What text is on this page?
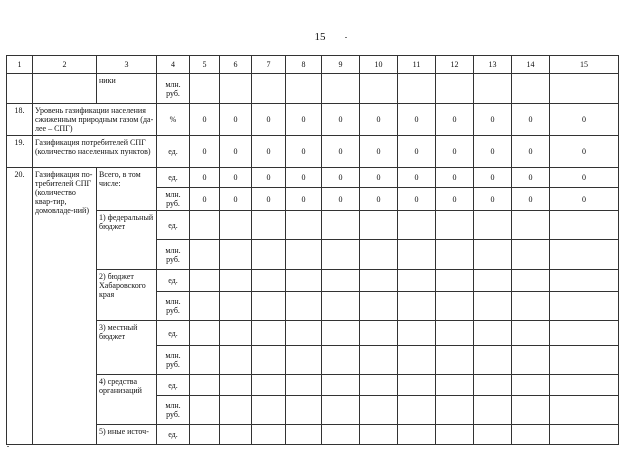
15
1	2	3	4	5	6	7	8	9	10	11	12	13	14	15
		ники	млн. руб.											
18.	Уровень газификации населения сжиженным природным газом (да-лее – СПГ)		%	0	0	0	0	0	0	0	0	0	0	0
19.	Газификация потребителей СПГ (количество населенных пунктов)		ед.	0	0	0	0	0	0	0	0	0	0	0
20.	Газификация по-требителей СПГ (количество квар-тир, домовладе-ний)	Всего, в том числе:	ед.	0	0	0	0	0	0	0	0	0	0	0
			млн. руб.	0	0	0	0	0	0	0	0	0	0	0
		1) федеральный бюджет	ед.											
			млн. руб.											
		2) бюджет Хабаровского края	ед.											
			млн. руб.											
		3) местный бюджет	ед.											
			млн. руб.											
		4) средства организаций	ед.											
			млн. руб.											
		5) иные источ-	ед.											
